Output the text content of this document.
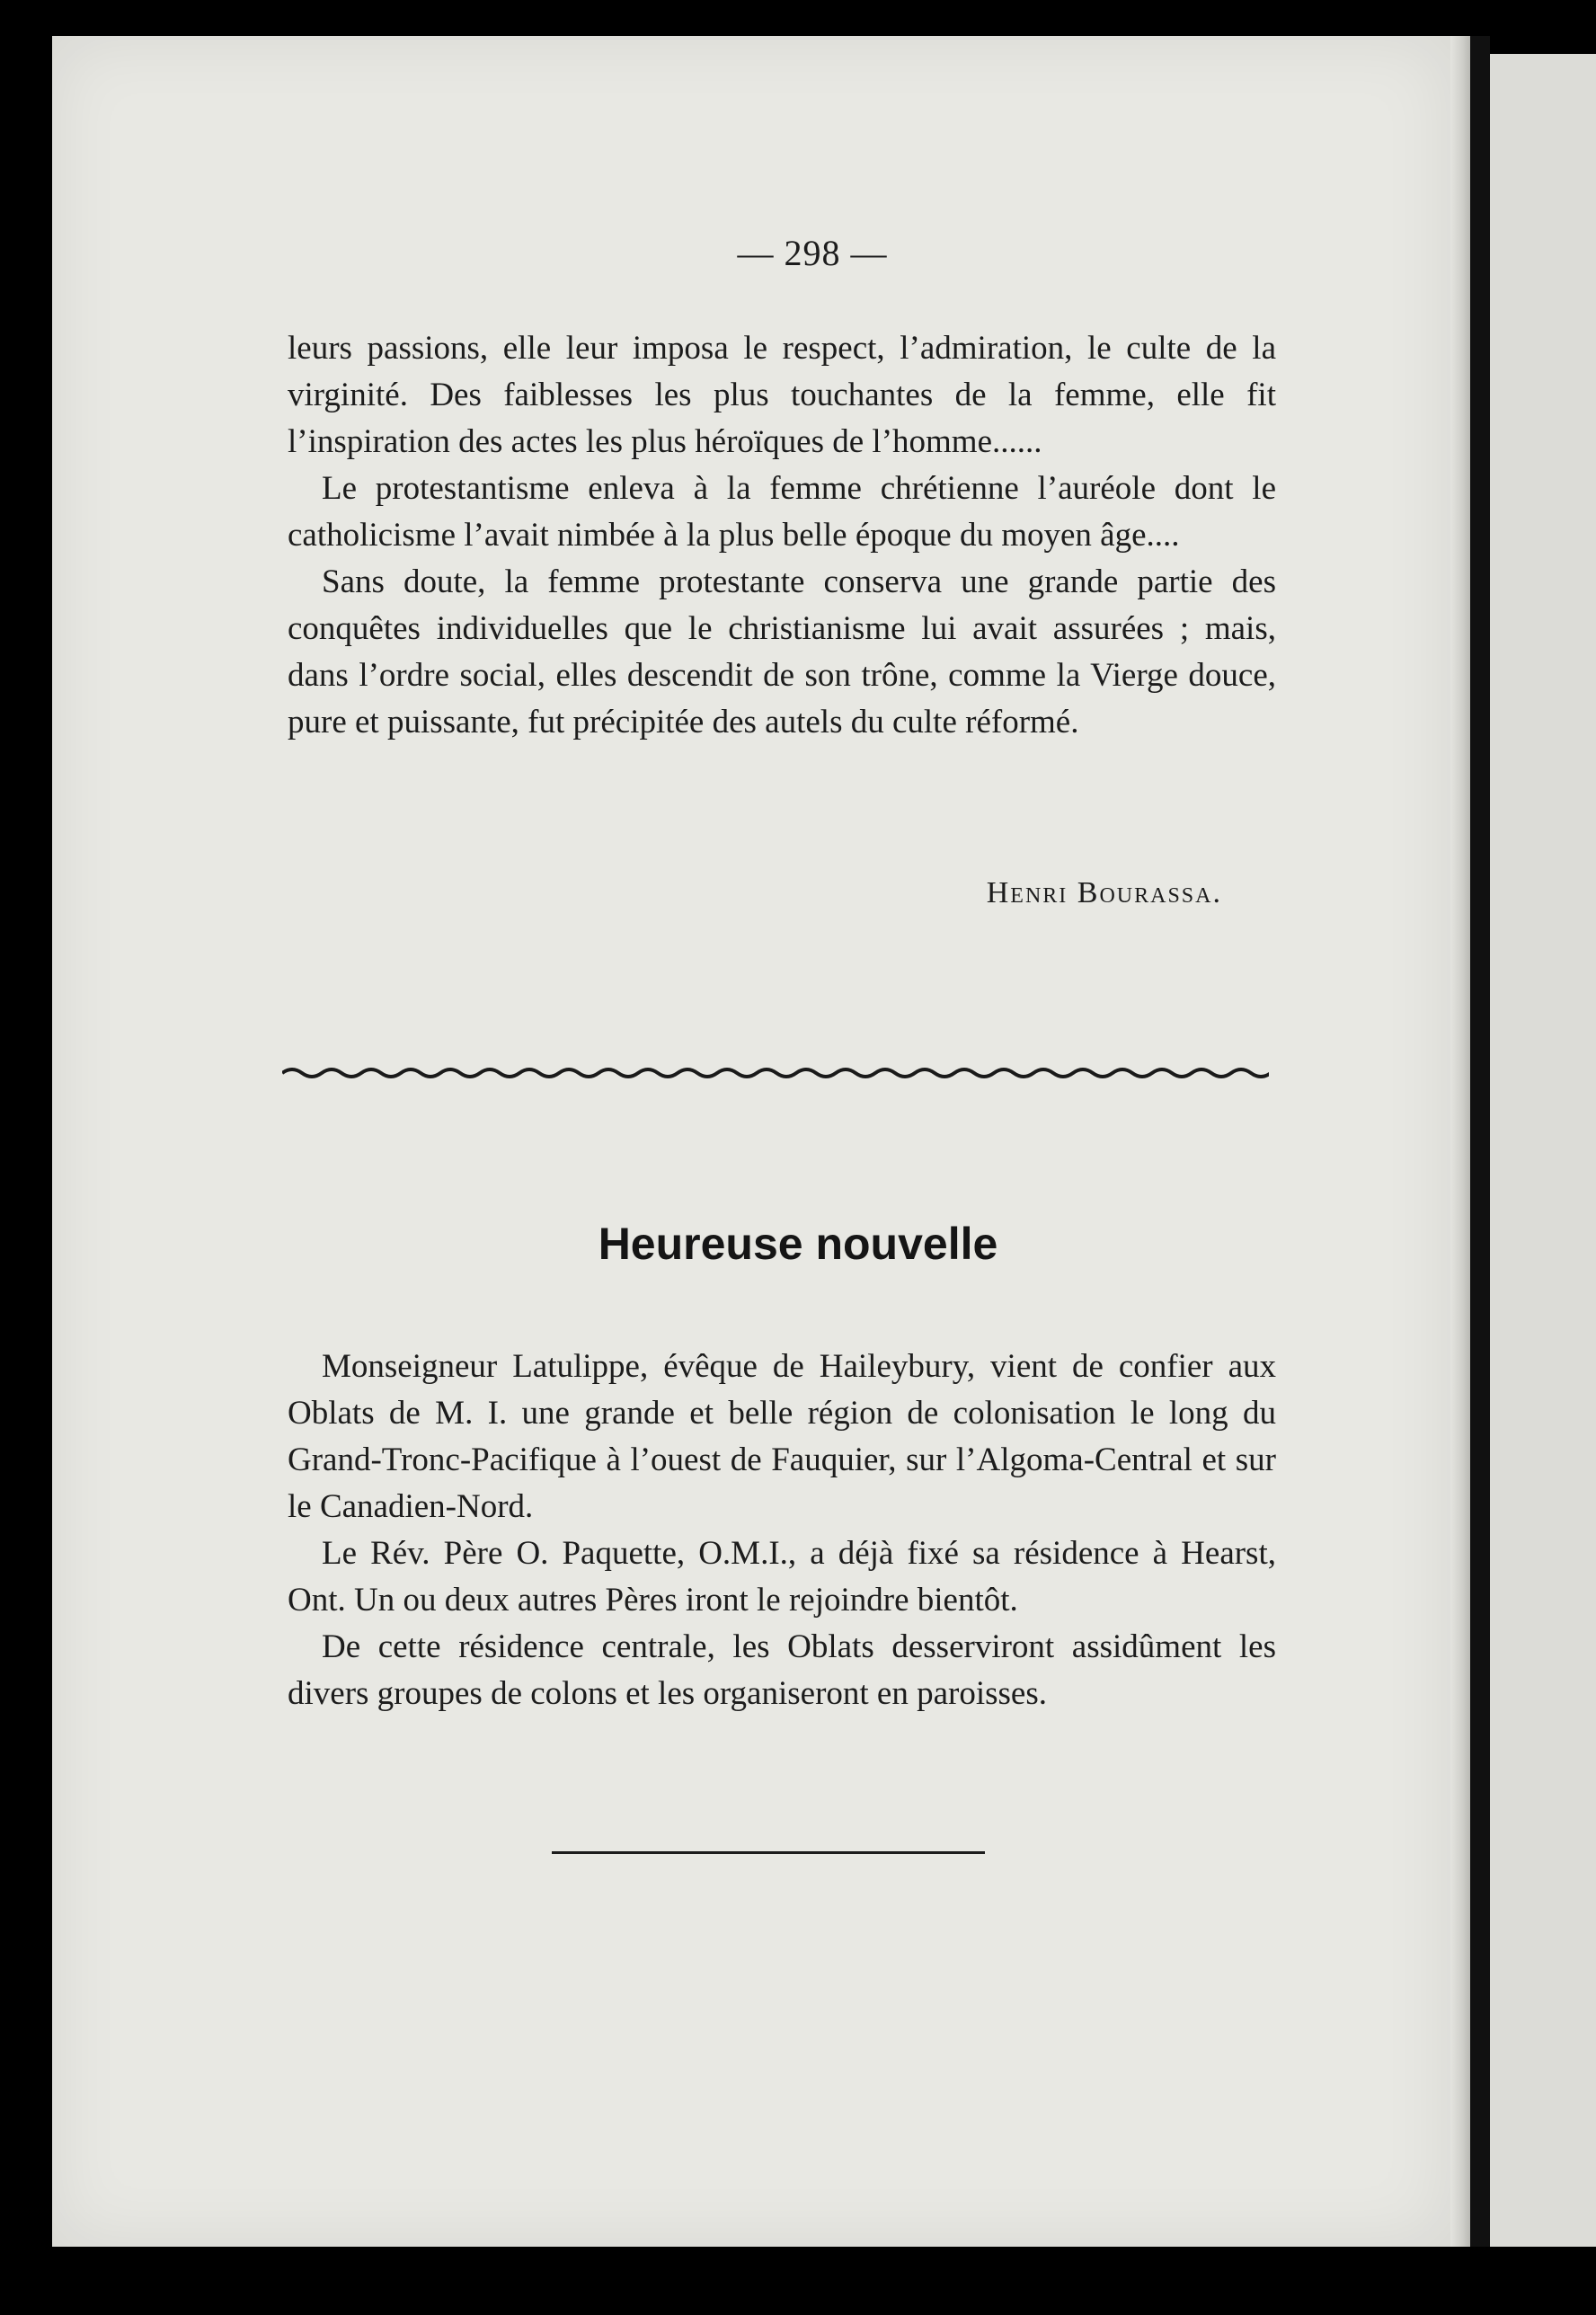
— 298 —

leurs passions, elle leur imposa le respect, l’admiration, le culte de la virginité. Des faiblesses les plus touchantes de la femme, elle fit l’inspiration des actes les plus héroïques de l’homme......

Le protestantisme enleva à la femme chrétienne l’auréole dont le catholicisme l’avait nimbée à la plus belle époque du moyen âge....

Sans doute, la femme protestante conserva une grande partie des conquêtes individuelles que le christianisme lui avait assurées ; mais, dans l’ordre social, elles descendit de son trône, comme la Vierge douce, pure et puissante, fut précipitée des autels du culte réformé.

Henri Bourassa.
Heureuse nouvelle

Monseigneur Latulippe, évêque de Haileybury, vient de confier aux Oblats de M. I. une grande et belle région de colonisation le long du Grand-Tronc-Pacifique à l’ouest de Fauquier, sur l’Algoma-Central et sur le Canadien-Nord.

Le Rév. Père O. Paquette, O.M.I., a déjà fixé sa résidence à Hearst, Ont. Un ou deux autres Pères iront le rejoindre bientôt.

De cette résidence centrale, les Oblats desserviront assidûment les divers groupes de colons et les organiseront en paroisses.
